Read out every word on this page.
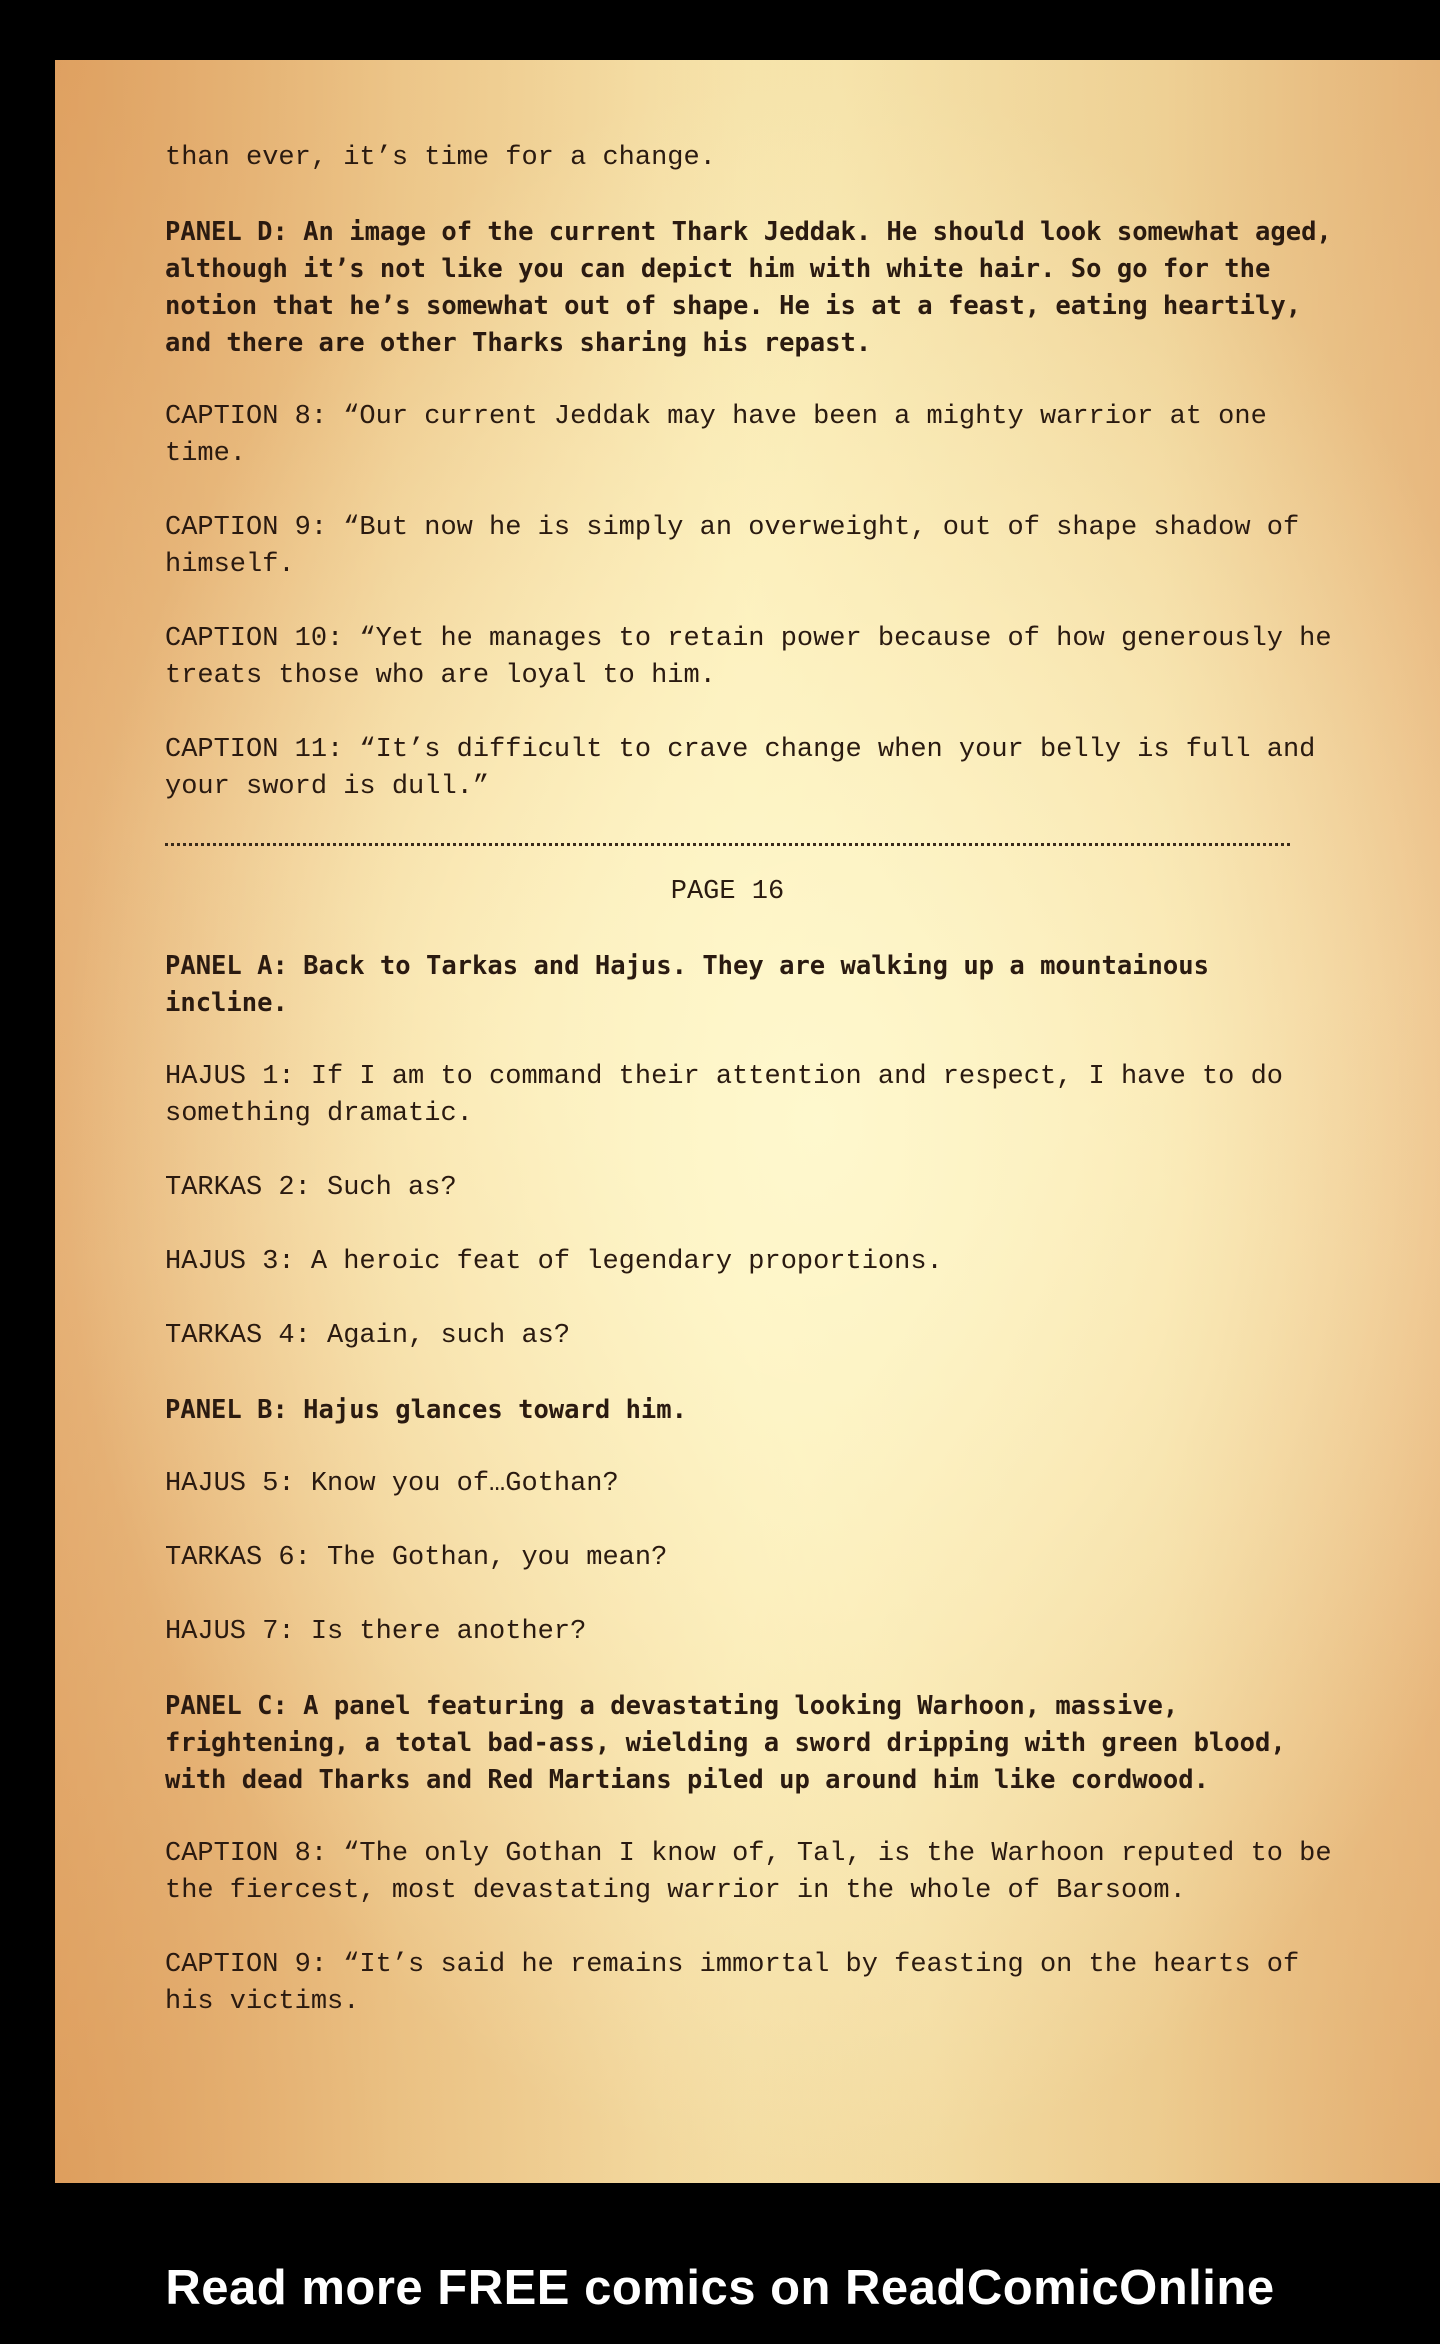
than ever, it’s time for a change.

PANEL D: An image of the current Thark Jeddak. He should look somewhat aged, although it’s not like you can depict him with white hair. So go for the notion that he’s somewhat out of shape. He is at a feast, eating heartily, and there are other Tharks sharing his repast.

CAPTION 8: “Our current Jeddak may have been a mighty warrior at one time.

CAPTION 9: “But now he is simply an overweight, out of shape shadow of himself.

CAPTION 10: “Yet he manages to retain power because of how generously he treats those who are loyal to him.

CAPTION 11: “It’s difficult to crave change when your belly is full and your sword is dull.”

PAGE 16

PANEL A: Back to Tarkas and Hajus. They are walking up a mountainous incline.

HAJUS 1: If I am to command their attention and respect, I have to do something dramatic.

TARKAS 2: Such as?

HAJUS 3: A heroic feat of legendary proportions.

TARKAS 4: Again, such as?

PANEL B: Hajus glances toward him.

HAJUS 5: Know you of…Gothan?

TARKAS 6: The Gothan, you mean?

HAJUS 7: Is there another?

PANEL C: A panel featuring a devastating looking Warhoon, massive, frightening, a total bad-ass, wielding a sword dripping with green blood, with dead Tharks and Red Martians piled up around him like cordwood.

CAPTION 8: “The only Gothan I know of, Tal, is the Warhoon reputed to be the fiercest, most devastating warrior in the whole of Barsoom.

CAPTION 9: “It’s said he remains immortal by feasting on the hearts of his victims.

Read more FREE comics on ReadComicOnline
